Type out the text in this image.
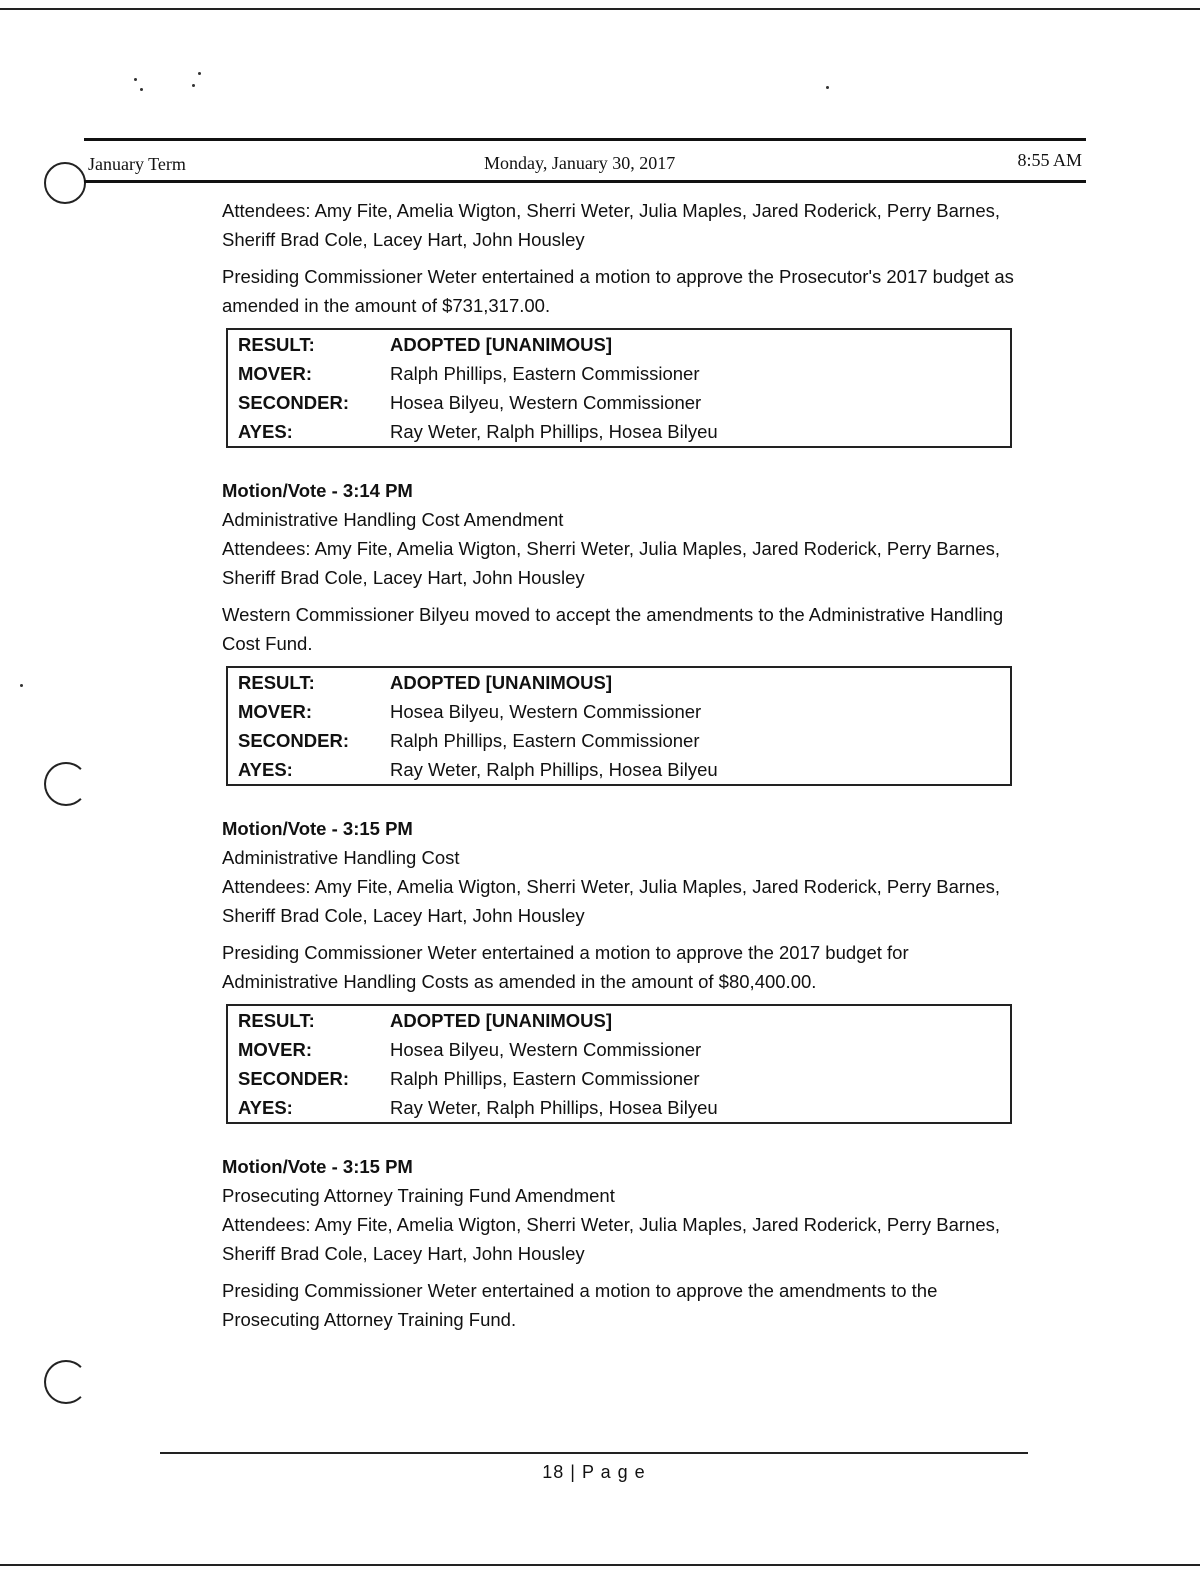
January Term	Monday, January 30, 2017	8:55 AM

Attendees: Amy Fite, Amelia Wigton, Sherri Weter, Julia Maples, Jared Roderick, Perry Barnes, Sheriff Brad Cole, Lacey Hart, John Housley

Presiding Commissioner Weter entertained a motion to approve the Prosecutor's 2017 budget as amended in the amount of $731,317.00.

RESULT:	ADOPTED [UNANIMOUS]
MOVER:	Ralph Phillips, Eastern Commissioner
SECONDER:	Hosea Bilyeu, Western Commissioner
AYES:	Ray Weter, Ralph Phillips, Hosea Bilyeu

Motion/Vote - 3:14 PM

Administrative Handling Cost Amendment

Attendees: Amy Fite, Amelia Wigton, Sherri Weter, Julia Maples, Jared Roderick, Perry Barnes, Sheriff Brad Cole, Lacey Hart, John Housley

Western Commissioner Bilyeu moved to accept the amendments to the Administrative Handling Cost Fund.

RESULT:	ADOPTED [UNANIMOUS]
MOVER:	Hosea Bilyeu, Western Commissioner
SECONDER:	Ralph Phillips, Eastern Commissioner
AYES:	Ray Weter, Ralph Phillips, Hosea Bilyeu

Motion/Vote - 3:15 PM

Administrative Handling Cost

Attendees: Amy Fite, Amelia Wigton, Sherri Weter, Julia Maples, Jared Roderick, Perry Barnes, Sheriff Brad Cole, Lacey Hart, John Housley

Presiding Commissioner Weter entertained a motion to approve the 2017 budget for Administrative Handling Costs as amended in the amount of $80,400.00.

RESULT:	ADOPTED [UNANIMOUS]
MOVER:	Hosea Bilyeu, Western Commissioner
SECONDER:	Ralph Phillips, Eastern Commissioner
AYES:	Ray Weter, Ralph Phillips, Hosea Bilyeu

Motion/Vote - 3:15 PM

Prosecuting Attorney Training Fund Amendment

Attendees: Amy Fite, Amelia Wigton, Sherri Weter, Julia Maples, Jared Roderick, Perry Barnes, Sheriff Brad Cole, Lacey Hart, John Housley

Presiding Commissioner Weter entertained a motion to approve the amendments to the Prosecuting Attorney Training Fund.

18 | P a g e
